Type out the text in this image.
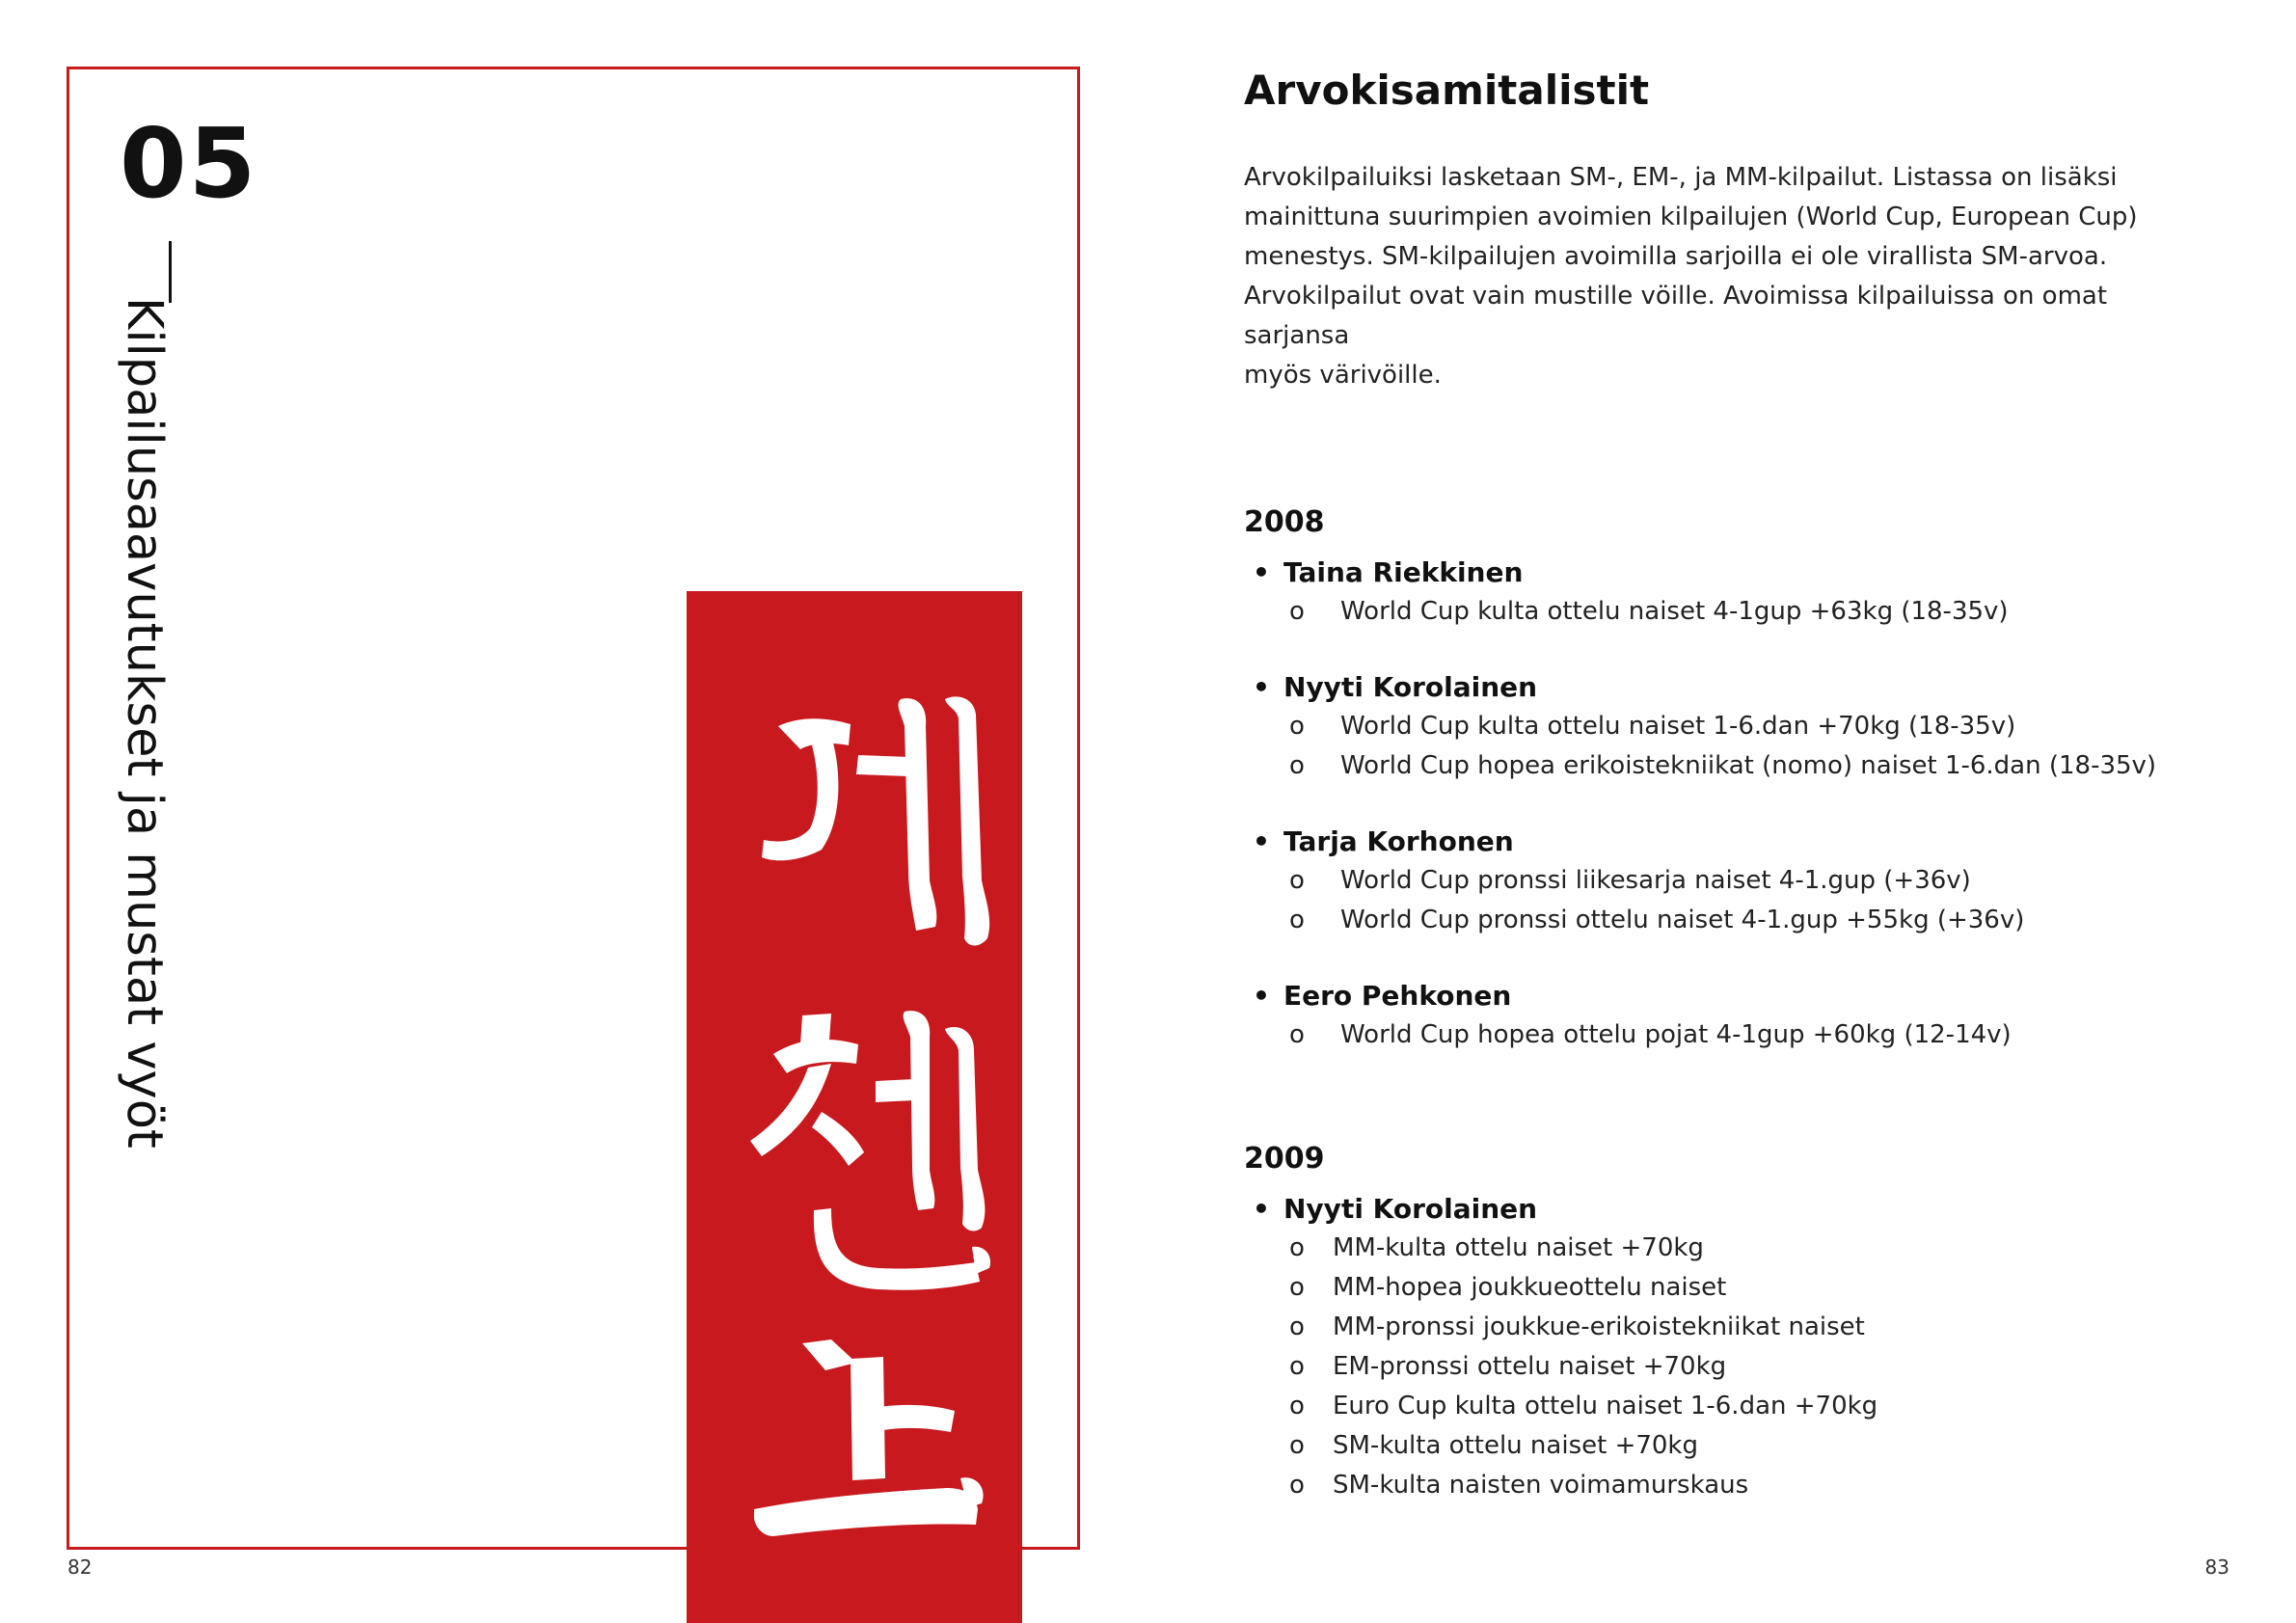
05
Kilpailusaavutukset ja mustat vyöt
82
Arvokisamitalistit
Arvokilpailuiksi lasketaan SM-, EM-, ja MM-kilpailut. Listassa on lisäksi
mainittuna suurimpien avoimien kilpailujen (World Cup, European Cup)
menestys. SM-kilpailujen avoimilla sarjoilla ei ole virallista SM-arvoa.
Arvokilpailut ovat vain mustille vöille. Avoimissa kilpailuissa on omat sarjansa
myös värivöille.
2008
• Taina Riekkinen
o World Cup kulta ottelu naiset 4-1gup +63kg (18-35v)
• Nyyti Korolainen
o World Cup kulta ottelu naiset 1-6.dan +70kg (18-35v)
o World Cup hopea erikoistekniikat (nomo) naiset 1-6.dan (18-35v)
• Tarja Korhonen
o World Cup pronssi liikesarja naiset 4-1.gup (+36v)
o World Cup pronssi ottelu naiset 4-1.gup +55kg (+36v)
• Eero Pehkonen
o World Cup hopea ottelu pojat 4-1gup +60kg (12-14v)
2009
• Nyyti Korolainen
o MM-kulta ottelu naiset +70kg
o MM-hopea joukkueottelu naiset
o MM-pronssi joukkue-erikoistekniikat naiset
o EM-pronssi ottelu naiset +70kg
o Euro Cup kulta ottelu naiset 1-6.dan +70kg
o SM-kulta ottelu naiset +70kg
o SM-kulta naisten voimamurskaus
83
